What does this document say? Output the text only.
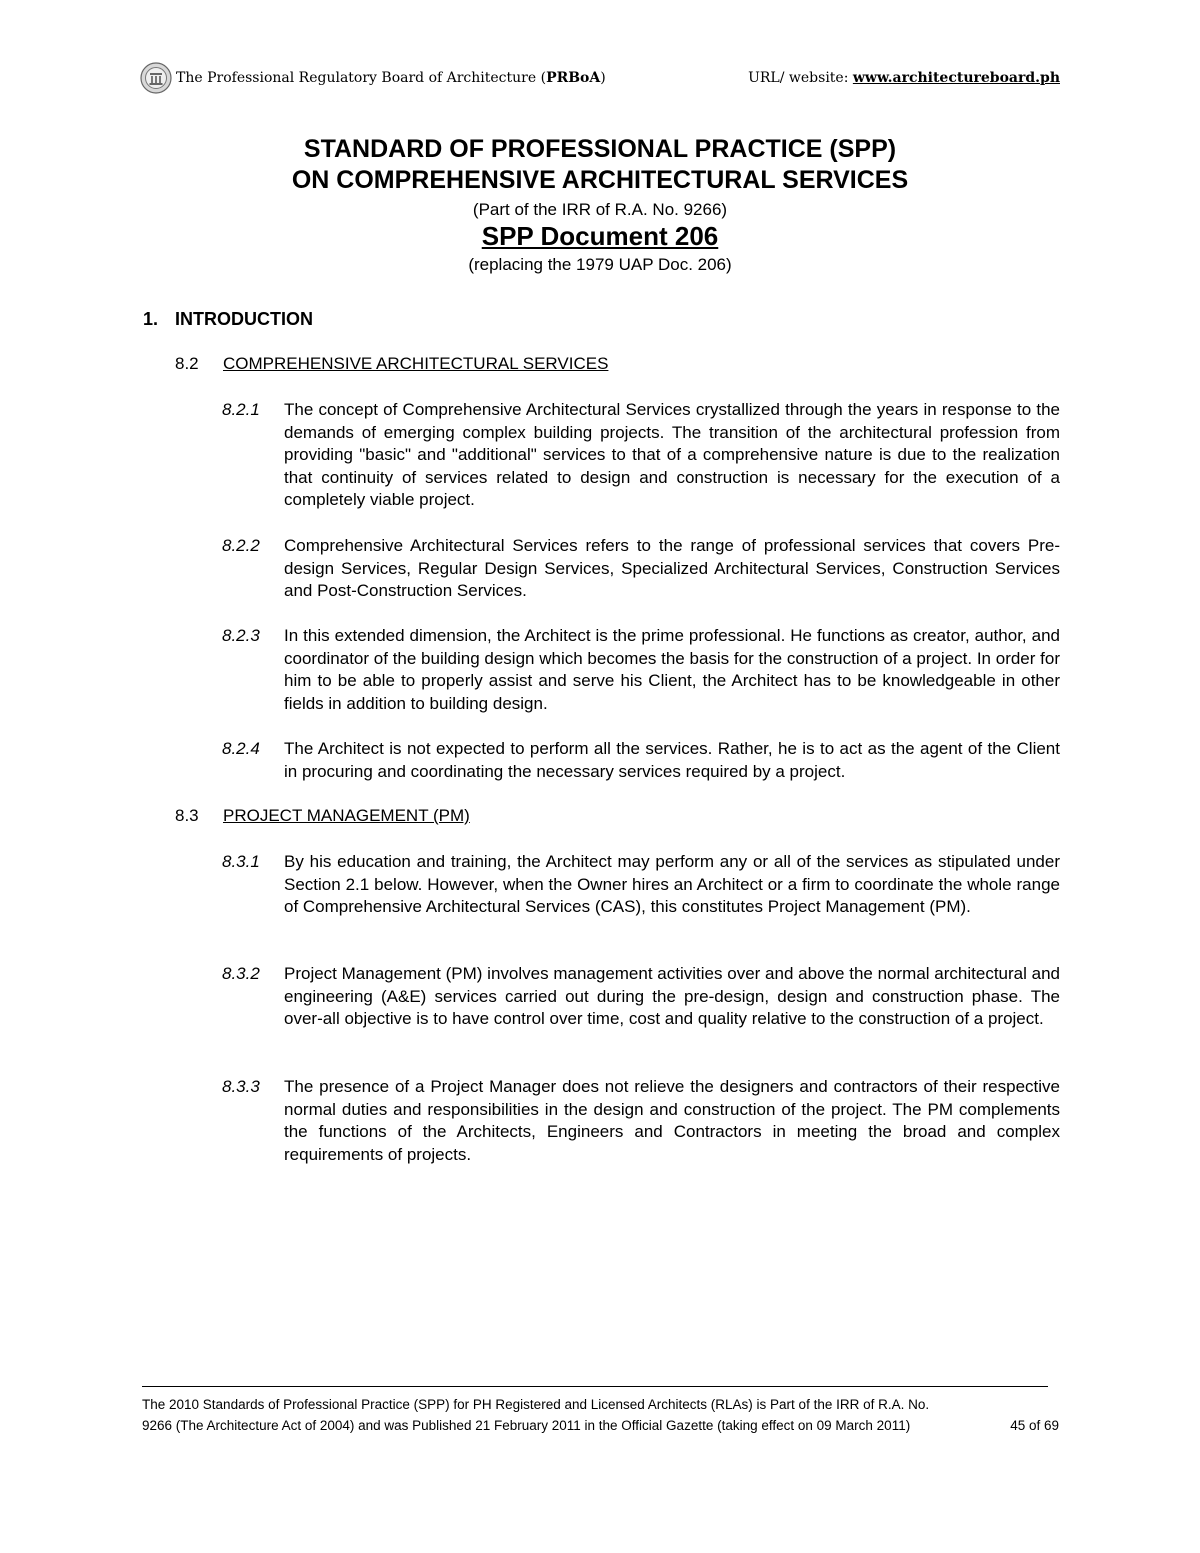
The Professional Regulatory Board of Architecture (PRBoA)	URL/ website: www.architectureboard.ph
STANDARD OF PROFESSIONAL PRACTICE (SPP)
ON COMPREHENSIVE ARCHITECTURAL SERVICES
(Part of the IRR of R.A. No. 9266)
SPP Document 206
(replacing the 1979 UAP Doc. 206)
1. INTRODUCTION
8.2 COMPREHENSIVE ARCHITECTURAL SERVICES
8.2.1 The concept of Comprehensive Architectural Services crystallized through the years in response to the demands of emerging complex building projects. The transition of the architectural profession from providing "basic" and "additional" services to that of a comprehensive nature is due to the realization that continuity of services related to design and construction is necessary for the execution of a completely viable project.
8.2.2 Comprehensive Architectural Services refers to the range of professional services that covers Pre-design Services, Regular Design Services, Specialized Architectural Services, Construction Services and Post-Construction Services.
8.2.3 In this extended dimension, the Architect is the prime professional. He functions as creator, author, and coordinator of the building design which becomes the basis for the construction of a project. In order for him to be able to properly assist and serve his Client, the Architect has to be knowledgeable in other fields in addition to building design.
8.2.4 The Architect is not expected to perform all the services. Rather, he is to act as the agent of the Client in procuring and coordinating the necessary services required by a project.
8.3 PROJECT MANAGEMENT (PM)
8.3.1 By his education and training, the Architect may perform any or all of the services as stipulated under Section 2.1 below. However, when the Owner hires an Architect or a firm to coordinate the whole range of Comprehensive Architectural Services (CAS), this constitutes Project Management (PM).
8.3.2 Project Management (PM) involves management activities over and above the normal architectural and engineering (A&E) services carried out during the pre-design, design and construction phase. The over-all objective is to have control over time, cost and quality relative to the construction of a project.
8.3.3 The presence of a Project Manager does not relieve the designers and contractors of their respective normal duties and responsibilities in the design and construction of the project. The PM complements the functions of the Architects, Engineers and Contractors in meeting the broad and complex requirements of projects.
The 2010 Standards of Professional Practice (SPP) for PH Registered and Licensed Architects (RLAs) is Part of the IRR of R.A. No.
9266 (The Architecture Act of 2004) and was Published 21 February 2011 in the Official Gazette (taking effect on 09 March 2011)	45 of 69
